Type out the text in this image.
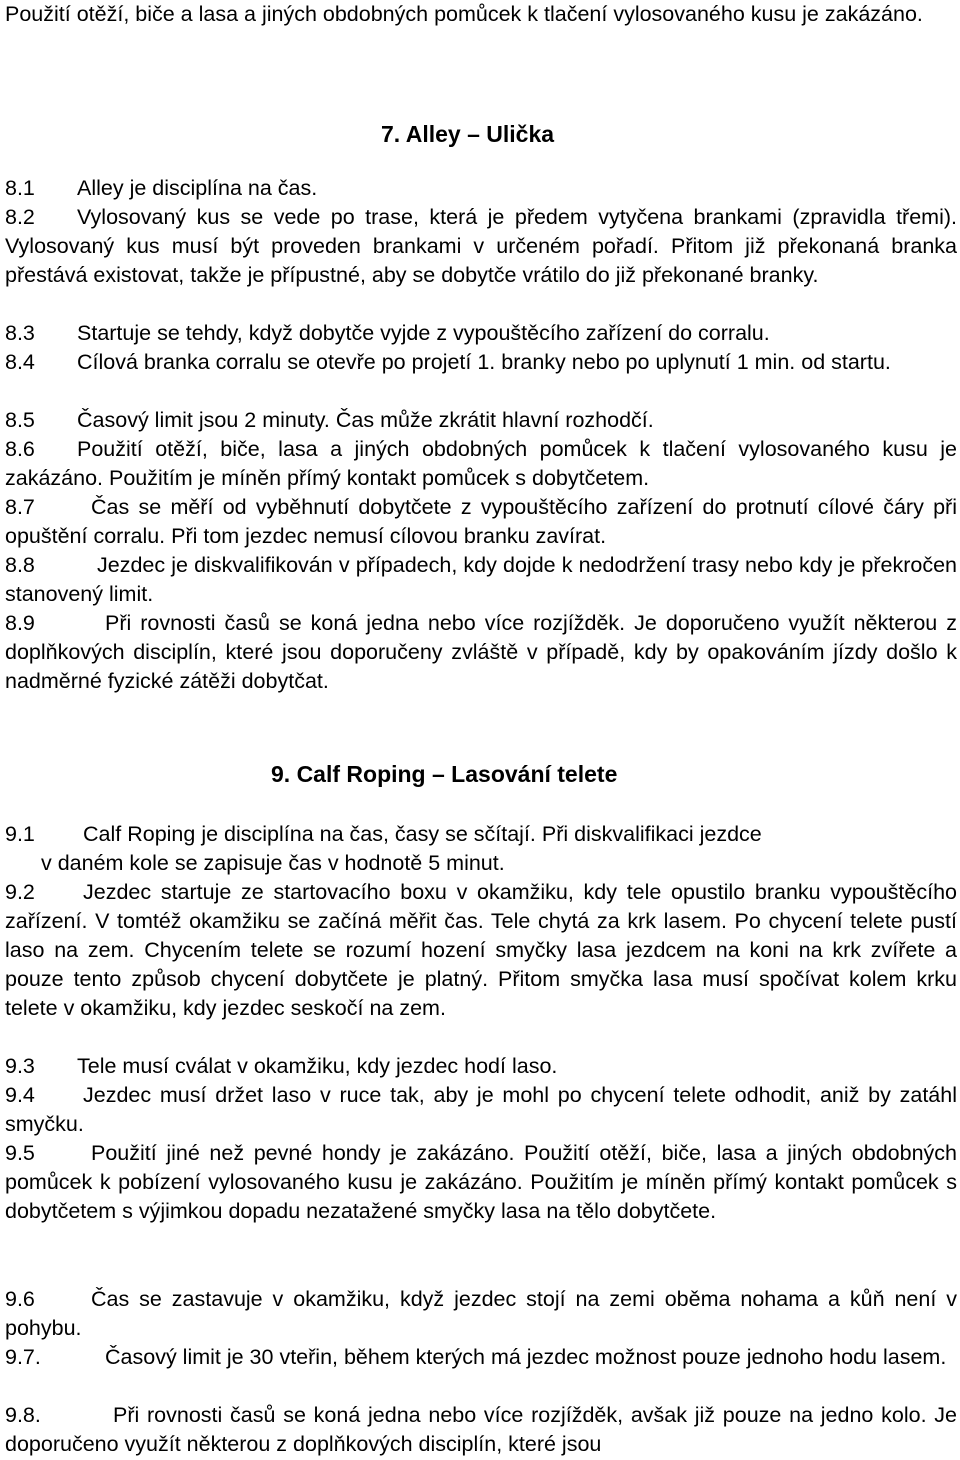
Použití otěží, biče a lasa a jiných obdobných pomůcek k tlačení vylosovaného kusu je zakázáno.

7. Alley – Ulička

8.1 Alley je disciplína na čas.

8.2 Vylosovaný kus se vede po trase, která je předem vytyčena brankami (zpravidla třemi). Vylosovaný kus musí být proveden brankami v určeném pořadí. Přitom již překonaná branka přestává existovat, takže je přípustné, aby se dobytče vrátilo do již překonané branky.

8.3 Startuje se tehdy, když dobytče vyjde z vypouštěcího zařízení do corralu.

8.4 Cílová branka corralu se otevře po projetí 1. branky nebo po uplynutí 1 min. od startu.

8.5 Časový limit jsou 2 minuty. Čas může zkrátit hlavní rozhodčí.

8.6 Použití otěží, biče, lasa a jiných obdobných pomůcek k tlačení vylosovaného kusu je zakázáno. Použitím je míněn přímý kontakt pomůcek s dobytčetem.

8.7	Čas se měří od vyběhnutí dobytčete z vypouštěcího zařízení do protnutí cílové čáry při opuštění corralu. Při tom jezdec nemusí cílovou branku zavírat.

8.8	Jezdec je diskvalifikován v případech, kdy dojde k nedodržení trasy nebo kdy je překročen stanovený limit.

8.9	Při rovnosti časů se koná jedna nebo více rozjížděk. Je doporučeno využít některou z doplňkových disciplín, které jsou doporučeny zvláště v případě, kdy by opakováním jízdy došlo k nadměrné fyzické zátěži dobytčat.

9. Calf Roping – Lasování telete

9.1 Calf Roping je disciplína na čas, časy se sčítají. Při diskvalifikaci jezdce

v daném kole se zapisuje čas v hodnotě 5 minut.

9.2 Jezdec startuje ze startovacího boxu v okamžiku, kdy tele opustilo branku vypouštěcího zařízení. V tomtéž okamžiku se začíná měřit čas. Tele chytá za krk lasem. Po chycení telete pustí laso na zem. Chycením telete se rozumí hození smyčky lasa jezdcem na koni na krk zvířete a pouze tento způsob chycení dobytčete je platný. Přitom smyčka lasa musí spočívat kolem krku telete v okamžiku, kdy jezdec seskočí na zem.

9.3 Tele musí cválat v okamžiku, kdy jezdec hodí laso.

9.4 Jezdec musí držet laso v ruce tak, aby je mohl po chycení telete odhodit, aniž by zatáhl smyčku.

9.5	Použití jiné než pevné hondy je zakázáno. Použití otěží, biče, lasa a jiných obdobných pomůcek k pobízení vylosovaného kusu je zakázáno. Použitím je míněn přímý kontakt pomůcek s dobytčetem s výjimkou dopadu nezatažené smyčky lasa na tělo dobytčete.

9.6	Čas se zastavuje v okamžiku, když jezdec stojí na zemi oběma nohama a kůň není v pohybu.

9.7.	Časový limit je 30 vteřin, během kterých má jezdec možnost pouze jednoho hodu lasem.

9.8.	Při rovnosti časů se koná jedna nebo více rozjížděk, avšak již pouze na jedno kolo. Je doporučeno využít některou z doplňkových disciplín, které jsou
